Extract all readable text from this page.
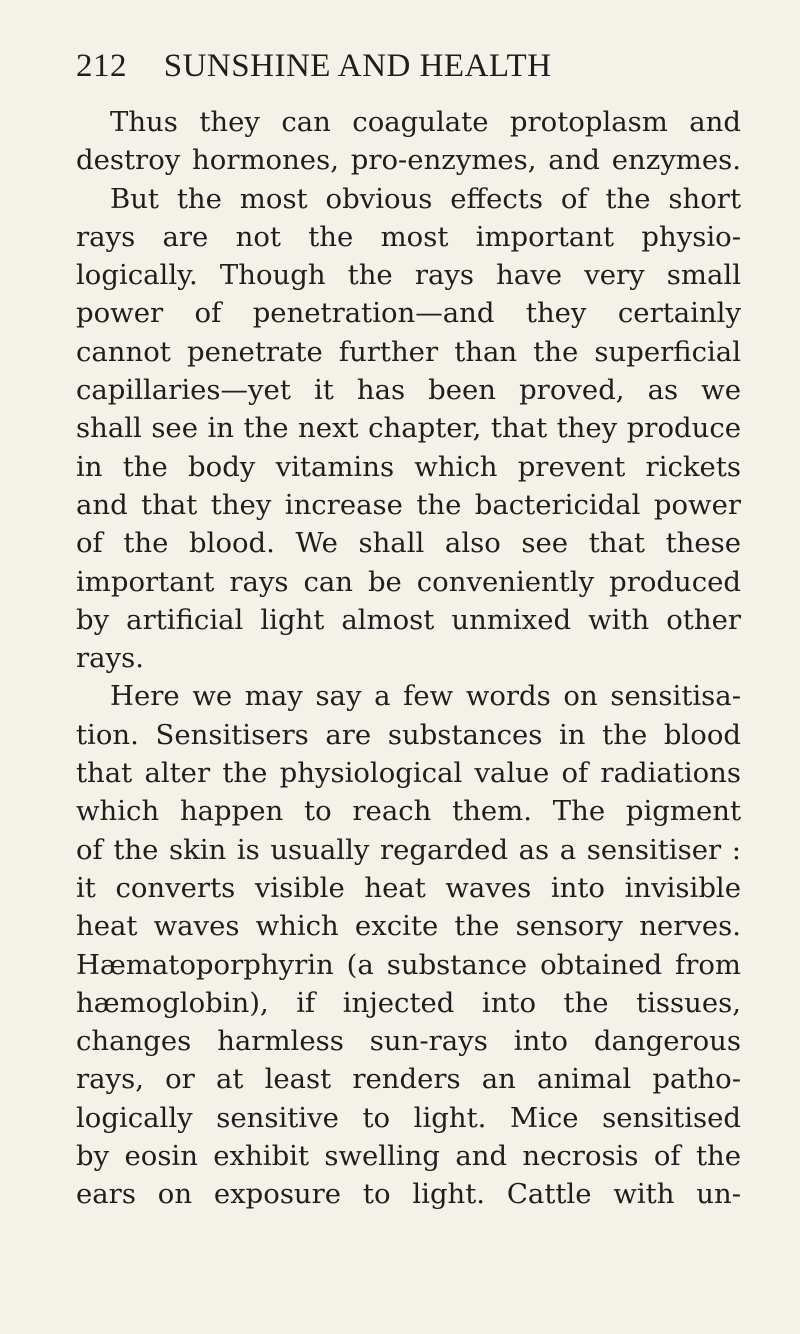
212 SUNSHINE AND HEALTH
Thus they can coagulate protoplasm and
destroy hormones, pro-enzymes, and enzymes.
But the most obvious effects of the short
rays are not the most important physio-
logically. Though the rays have very small
power of penetration—and they certainly
cannot penetrate further than the superficial
capillaries—yet it has been proved, as we
shall see in the next chapter, that they produce
in the body vitamins which prevent rickets
and that they increase the bactericidal power
of the blood. We shall also see that these
important rays can be conveniently produced
by artificial light almost unmixed with other
rays.
Here we may say a few words on sensitisa-
tion. Sensitisers are substances in the blood
that alter the physiological value of radiations
which happen to reach them. The pigment
of the skin is usually regarded as a sensitiser :
it converts visible heat waves into invisible
heat waves which excite the sensory nerves.
Hæmatoporphyrin (a substance obtained from
hæmoglobin), if injected into the tissues,
changes harmless sun-rays into dangerous
rays, or at least renders an animal patho-
logically sensitive to light. Mice sensitised
by eosin exhibit swelling and necrosis of the
ears on exposure to light. Cattle with un-
